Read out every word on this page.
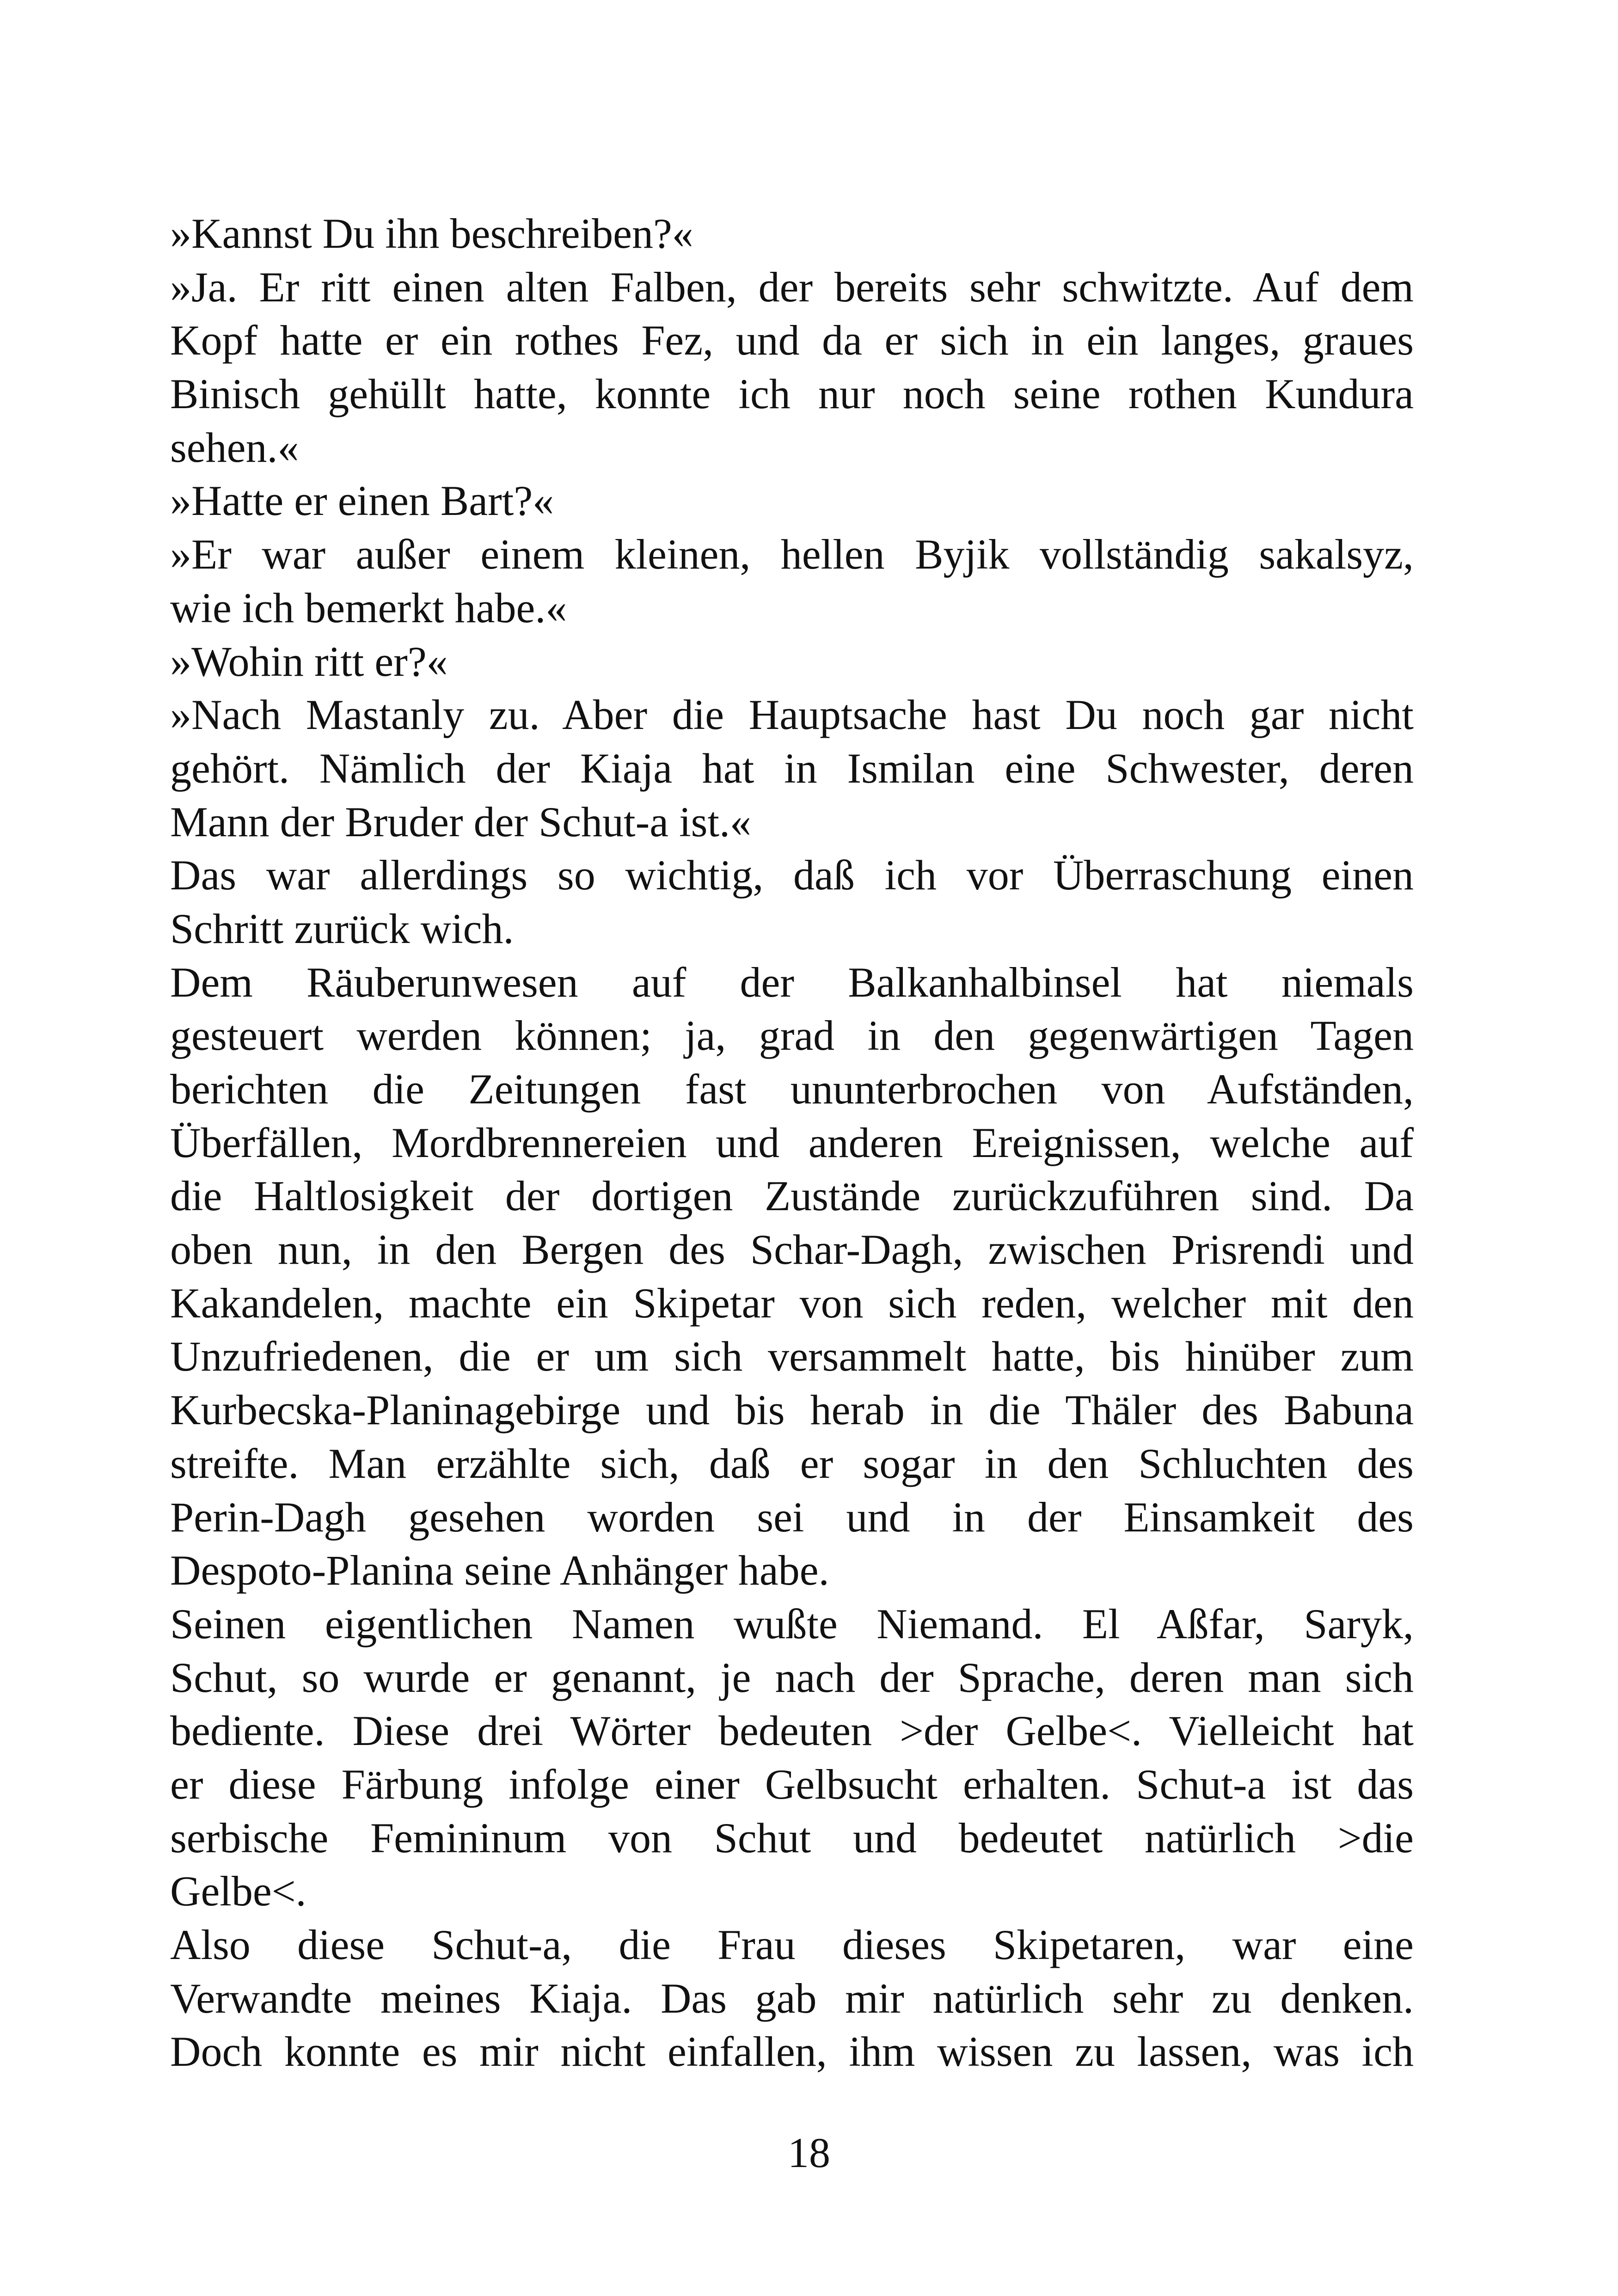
»Kannst Du ihn beschreiben?«
»Ja. Er ritt einen alten Falben, der bereits sehr schwitzte. Auf dem
Kopf hatte er ein rothes Fez, und da er sich in ein langes, graues
Binisch gehüllt hatte, konnte ich nur noch seine rothen Kundura
sehen.«
»Hatte er einen Bart?«
»Er war außer einem kleinen, hellen Byjik vollständig sakalsyz,
wie ich bemerkt habe.«
»Wohin ritt er?«
»Nach Mastanly zu. Aber die Hauptsache hast Du noch gar nicht
gehört. Nämlich der Kiaja hat in Ismilan eine Schwester, deren
Mann der Bruder der Schut-a ist.«
Das war allerdings so wichtig, daß ich vor Überraschung einen
Schritt zurück wich.
Dem Räuberunwesen auf der Balkanhalbinsel hat niemals
gesteuert werden können; ja, grad in den gegenwärtigen Tagen
berichten die Zeitungen fast ununterbrochen von Aufständen,
Überfällen, Mordbrennereien und anderen Ereignissen, welche auf
die Haltlosigkeit der dortigen Zustände zurückzuführen sind. Da
oben nun, in den Bergen des Schar-Dagh, zwischen Prisrendi und
Kakandelen, machte ein Skipetar von sich reden, welcher mit den
Unzufriedenen, die er um sich versammelt hatte, bis hinüber zum
Kurbecska-Planinagebirge und bis herab in die Thäler des Babuna
streifte. Man erzählte sich, daß er sogar in den Schluchten des
Perin-Dagh gesehen worden sei und in der Einsamkeit des
Despoto-Planina seine Anhänger habe.
Seinen eigentlichen Namen wußte Niemand. El Aßfar, Saryk,
Schut, so wurde er genannt, je nach der Sprache, deren man sich
bediente. Diese drei Wörter bedeuten >der Gelbe<. Vielleicht hat
er diese Färbung infolge einer Gelbsucht erhalten. Schut-a ist das
serbische Femininum von Schut und bedeutet natürlich >die
Gelbe<.
Also diese Schut-a, die Frau dieses Skipetaren, war eine
Verwandte meines Kiaja. Das gab mir natürlich sehr zu denken.
Doch konnte es mir nicht einfallen, ihm wissen zu lassen, was ich
18
